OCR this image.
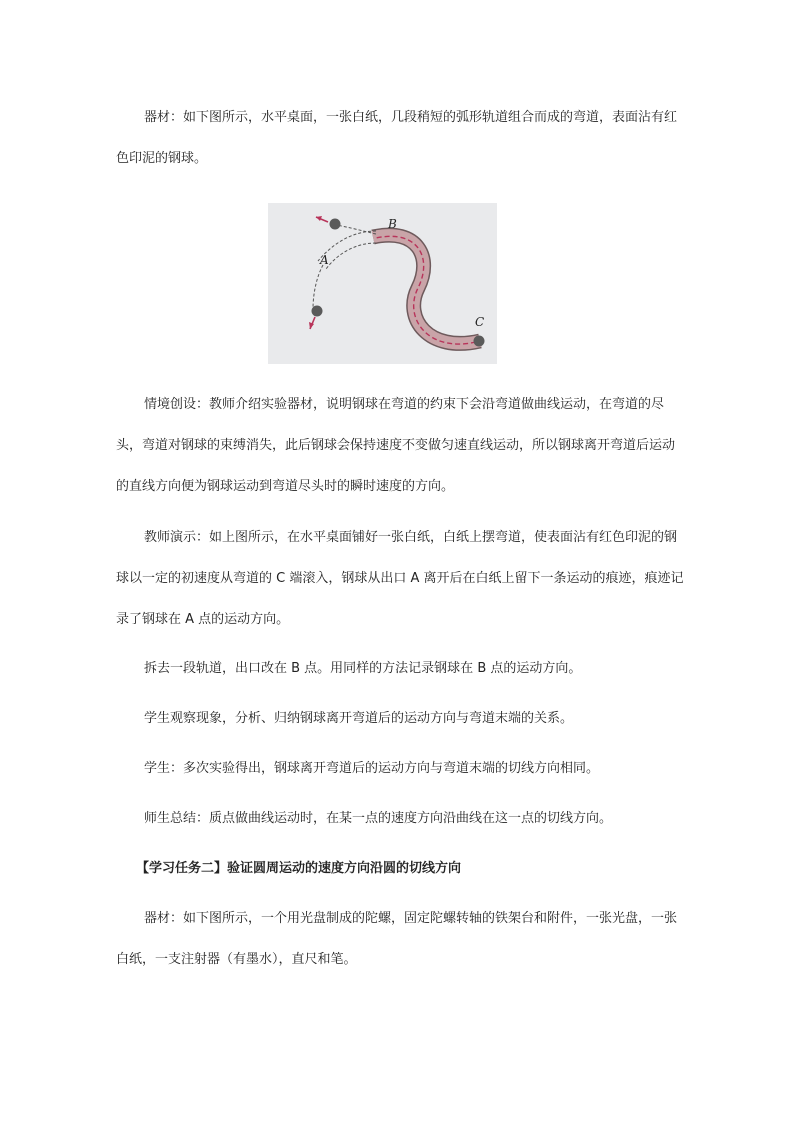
器材：如下图所示，水平桌面，一张白纸，几段稍短的弧形轨道组合而成的弯道，表面沾有红色印泥的钢球。

B
A
C

情境创设：教师介绍实验器材，说明钢球在弯道的约束下会沿弯道做曲线运动，在弯道的尽头，弯道对钢球的束缚消失，此后钢球会保持速度不变做匀速直线运动，所以钢球离开弯道后运动的直线方向便为钢球运动到弯道尽头时的瞬时速度的方向。

教师演示：如上图所示，在水平桌面铺好一张白纸，白纸上摆弯道，使表面沾有红色印泥的钢球以一定的初速度从弯道的 C 端滚入，钢球从出口 A 离开后在白纸上留下一条运动的痕迹，痕迹记录了钢球在 A 点的运动方向。

拆去一段轨道，出口改在 B 点。用同样的方法记录钢球在 B 点的运动方向。

学生观察现象，分析、归纳钢球离开弯道后的运动方向与弯道末端的关系。

学生：多次实验得出，钢球离开弯道后的运动方向与弯道末端的切线方向相同。

师生总结：质点做曲线运动时，在某一点的速度方向沿曲线在这一点的切线方向。

【学习任务二】验证圆周运动的速度方向沿圆的切线方向

器材：如下图所示，一个用光盘制成的陀螺，固定陀螺转轴的铁架台和附件，一张光盘，一张白纸，一支注射器（有墨水），直尺和笔。
